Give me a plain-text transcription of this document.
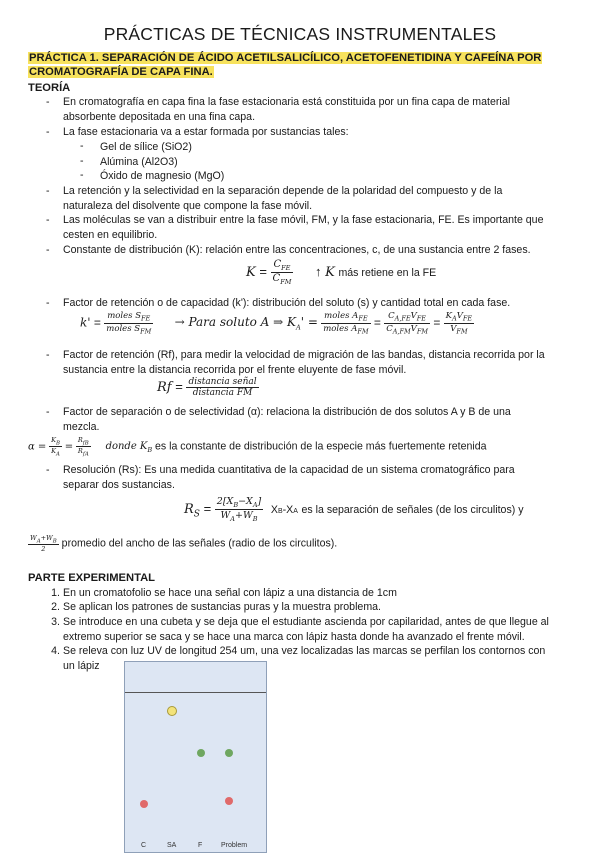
PRÁCTICAS DE TÉCNICAS INSTRUMENTALES
PRÁCTICA 1. SEPARACIÓN DE ÁCIDO ACETILSALICÍLICO, ACETOFENETIDINA Y CAFEÍNA POR CROMATOGRAFÍA DE CAPA FINA.
TEORÍA
- En cromatografía en capa fina la fase estacionaria está constituida por un fina capa de material absorbente depositada en una fina capa.
- La fase estacionaria va a estar formada por sustancias tales:
- Gel de sílice (SiO2)
- Alúmina (Al2O3)
- Óxido de magnesio (MgO)
- La retención y la selectividad en la separación depende de la polaridad del compuesto y de la naturaleza del disolvente que compone la fase móvil.
- Las moléculas se van a distribuir entre la fase móvil, FM, y la fase estacionaria, FE. Es importante que cesten en equilibrio.
- Constante de distribución (K): relación entre las concentraciones, c, de una sustancia entre 2 fases.
$K = C_{FE}$
$C_{FM}$
↑ K más retiene en la FE
- Factor de retención o de capacidad (k'): distribución del soluto (s) y cantidad total en cada fase.
k' = moles $S_{FE}$
moles $S_{FM}$
→ Para soluto A ⇒ $K_A'$ = moles $A_{FE}$
moles $A_{FM}$
= $C_{A,FE}V_{FE}$
$C_{A,FM}V_{FM}$
= $K_AV_{FE}$
$V_{FM}$
- Factor de retención (Rf), para medir la velocidad de migración de las bandas, distancia recorrida por la sustancia entre la distancia recorrida por el frente eluyente de fase móvil.
Rf = distancia señal
distancia FM
- Factor de separación o de selectividad (α): relaciona la distribución de dos solutos A y B de una mezcla.
$\alpha = \frac{K_B}{K_A}$ =
$R_{fB}$
$R_{fA}$
donde $K_B$ es la constante de distribución de la especie más fuertemente retenida
- Resolución (Rs): Es una medida cuantitativa de la capacidad de un sistema cromatográfico para separar dos sustancias.
$R_S = \frac{2[X_B-X_A]}{W_A+W_B} XB-XA$ es la separación de señales (de los circulitos) y
$\frac{W_A+W_B}{2}$ promedio del ancho de las señales (radio de los circulitos).
PARTE EXPERIMENTAL
1. En un cromatofolio se hace una señal con lápiz a una distancia de 1cm
2. Se aplican los patrones de sustancias puras y la muestra problema.
3. Se introduce en una cubeta y se deja que el estudiante ascienda por capilaridad, antes de que llegue al extremo superior se saca y se hace una marca con lápiz hasta donde ha avanzado el frente móvil.
4. Se releva con luz UV de longitud 254 um, una vez localizadas las marcas se perfilan los contornos con un lápiz
C	SA	F	Problem
